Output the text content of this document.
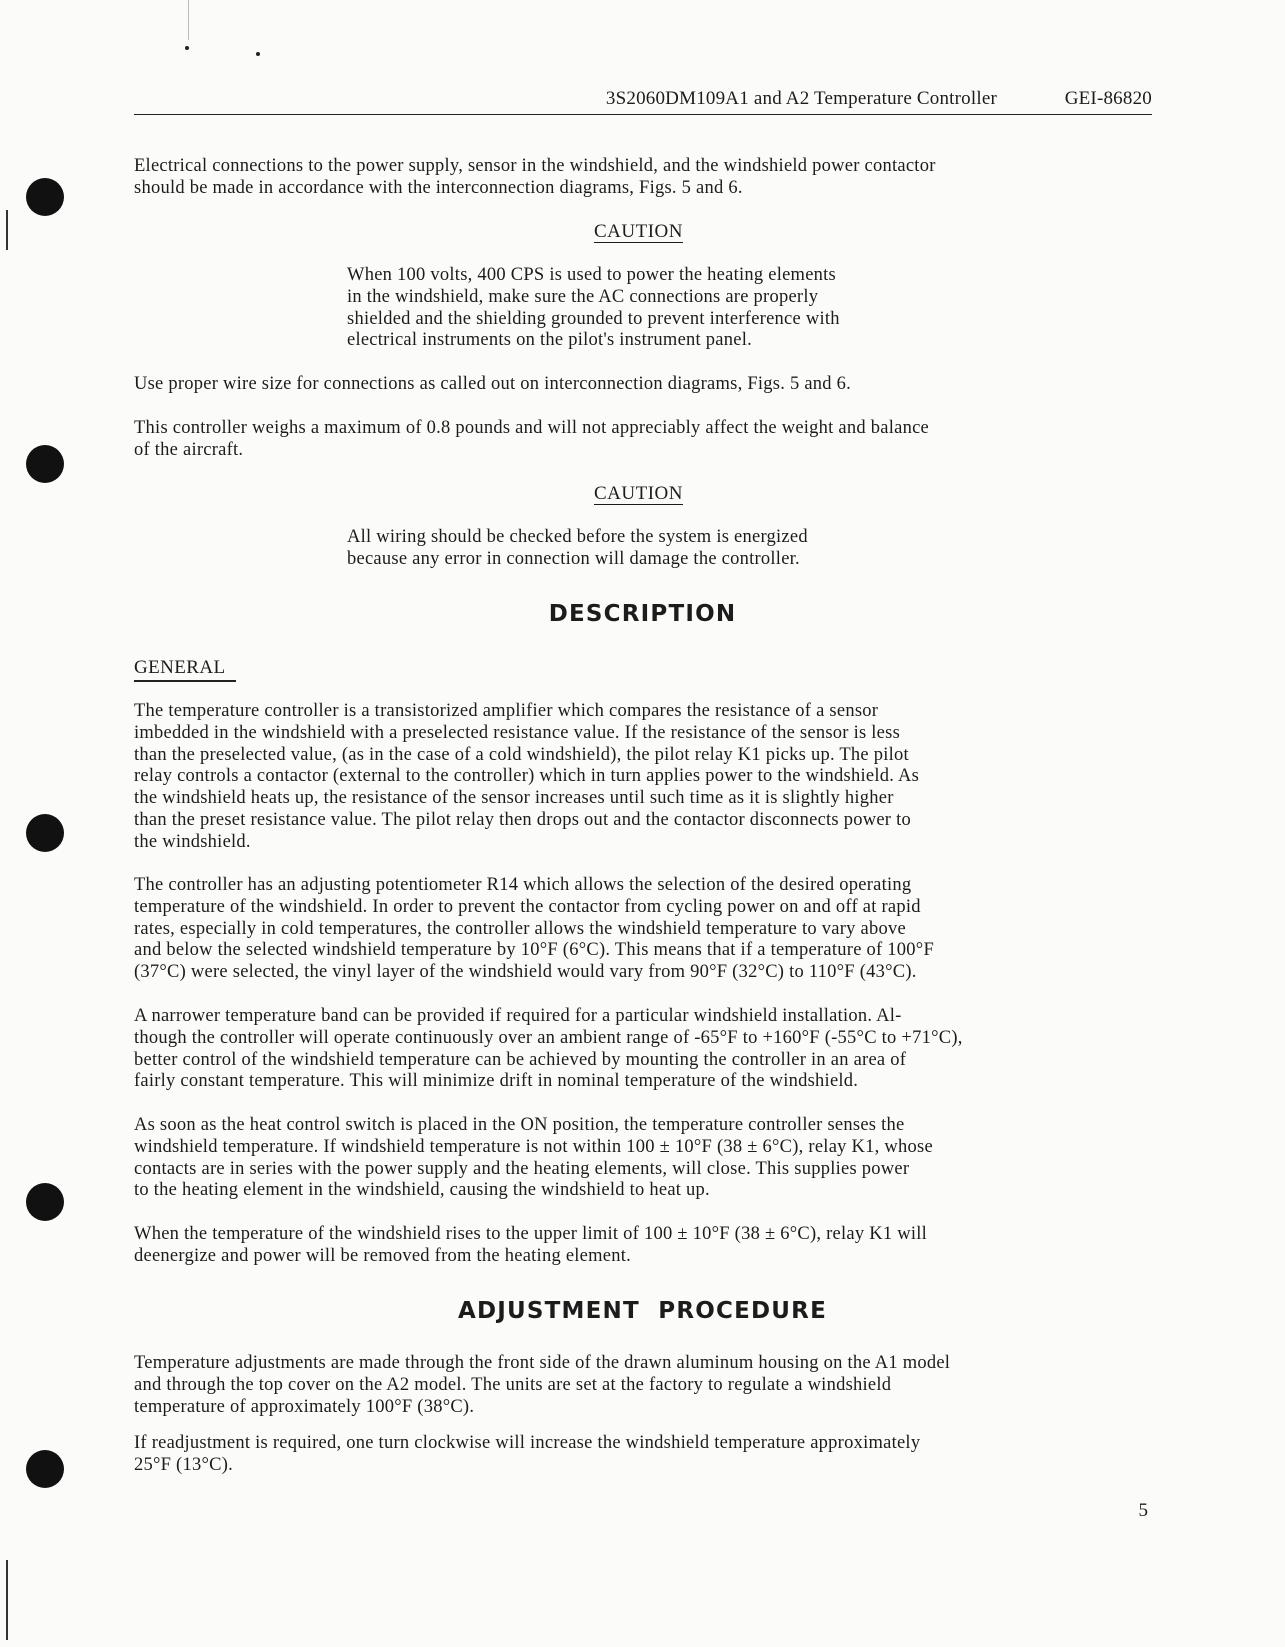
3S2060DM109A1 and A2 Temperature Controller	GEI-86820
Electrical connections to the power supply, sensor in the windshield, and the windshield power contactor
should be made in accordance with the interconnection diagrams, Figs. 5 and 6.
CAUTION
When 100 volts, 400 CPS is used to power the heating elements
in the windshield, make sure the AC connections are properly
shielded and the shielding grounded to prevent interference with
electrical instruments on the pilot's instrument panel.
Use proper wire size for connections as called out on interconnection diagrams, Figs. 5 and 6.
This controller weighs a maximum of 0.8 pounds and will not appreciably affect the weight and balance
of the aircraft.
CAUTION
All wiring should be checked before the system is energized
because any error in connection will damage the controller.
DESCRIPTION
GENERAL
The temperature controller is a transistorized amplifier which compares the resistance of a sensor
imbedded in the windshield with a preselected resistance value. If the resistance of the sensor is less
than the preselected value, (as in the case of a cold windshield), the pilot relay K1 picks up. The pilot
relay controls a contactor (external to the controller) which in turn applies power to the windshield. As
the windshield heats up, the resistance of the sensor increases until such time as it is slightly higher
than the preset resistance value. The pilot relay then drops out and the contactor disconnects power to
the windshield.
The controller has an adjusting potentiometer R14 which allows the selection of the desired operating
temperature of the windshield. In order to prevent the contactor from cycling power on and off at rapid
rates, especially in cold temperatures, the controller allows the windshield temperature to vary above
and below the selected windshield temperature by 10°F (6°C). This means that if a temperature of 100°F
(37°C) were selected, the vinyl layer of the windshield would vary from 90°F (32°C) to 110°F (43°C).
A narrower temperature band can be provided if required for a particular windshield installation. Al-
though the controller will operate continuously over an ambient range of -65°F to +160°F (-55°C to +71°C),
better control of the windshield temperature can be achieved by mounting the controller in an area of
fairly constant temperature. This will minimize drift in nominal temperature of the windshield.
As soon as the heat control switch is placed in the ON position, the temperature controller senses the
windshield temperature. If windshield temperature is not within 100 ± 10°F (38 ± 6°C), relay K1, whose
contacts are in series with the power supply and the heating elements, will close. This supplies power
to the heating element in the windshield, causing the windshield to heat up.
When the temperature of the windshield rises to the upper limit of 100 ± 10°F (38 ± 6°C), relay K1 will
deenergize and power will be removed from the heating element.
ADJUSTMENT  PROCEDURE
Temperature adjustments are made through the front side of the drawn aluminum housing on the A1 model
and through the top cover on the A2 model. The units are set at the factory to regulate a windshield
temperature of approximately 100°F (38°C).
If readjustment is required, one turn clockwise will increase the windshield temperature approximately
25°F (13°C).
5
